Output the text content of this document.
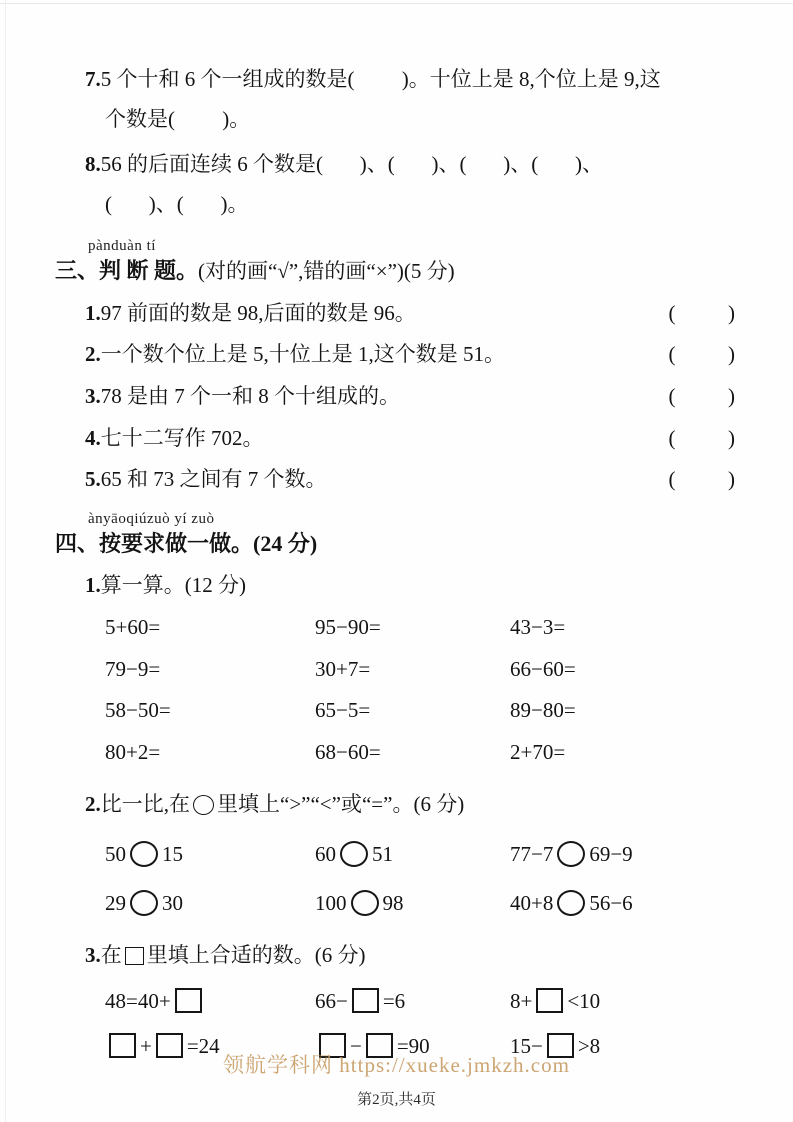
7.5 个十和 6 个一组成的数是(         )。十位上是 8,个位上是 9,这
个数是(         )。
8.56 的后面连续 6 个数是(       )、(       )、(       )、(       )、
(       )、(       )。
pànduàn tí
三、判 断 题。(对的画“√”,错的画“×”)(5 分)
1.97 前面的数是 98,后面的数是 96。	(          )
2.一个数个位上是 5,十位上是 1,这个数是 51。	(          )
3.78 是由 7 个一和 8 个十组成的。	(          )
4.七十二写作 702。	(          )
5.65 和 73 之间有 7 个数。	(          )
ànyāoqiúzuò yí zuò
四、按要求做一做。(24 分)
1.算一算。(12 分)
5+60=	95−90=	43−3=
79−9=	30+7=	66−60=
58−50=	65−5=	89−80=
80+2=	68−60=	2+70=
2.比一比,在 里填上“>”“<”或“=”。(6 分)
50 15	60 51	77−7 69−9
29 30	100 98	40+8 56−6
3.在 里填上合适的数。(6 分)
48=40+	66− =6	8+ <10
+ =24	− =90	15− >8
领航学科网 https://xueke.jmkzh.com
第2页,共4页
